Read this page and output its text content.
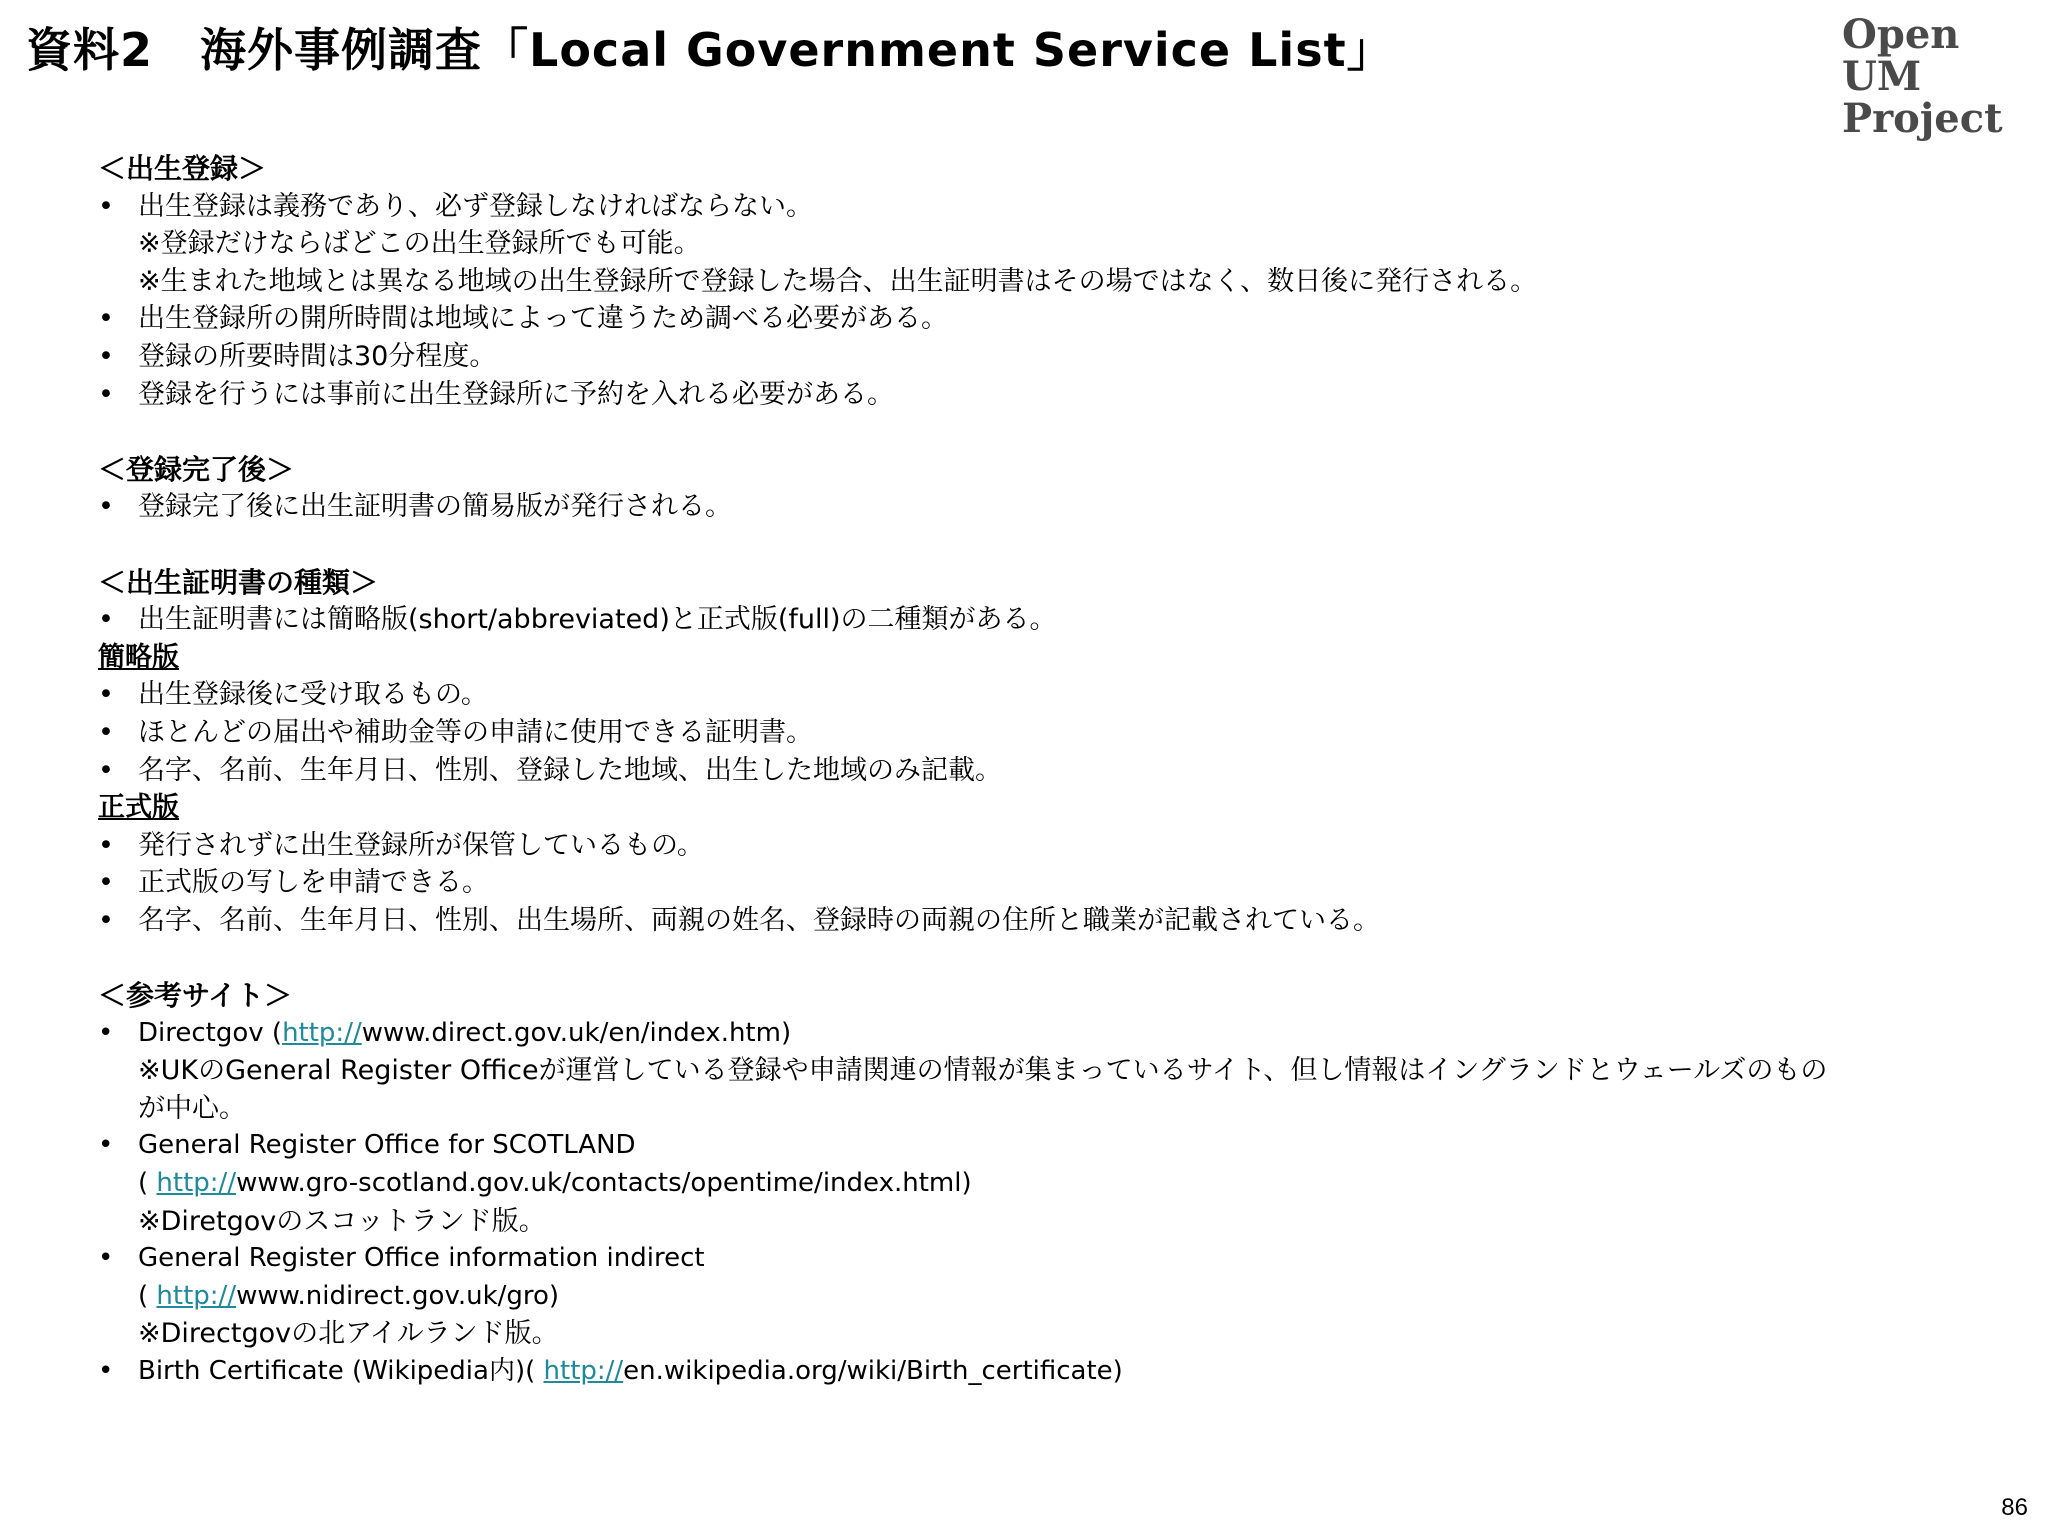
資料2　海外事例調査「Local Government Service List」	Open UM
Project
＜出生登録＞
• 出生登録は義務であり、必ず登録しなければならない。
※登録だけならばどこの出生登録所でも可能。
※生まれた地域とは異なる地域の出生登録所で登録した場合、出生証明書はその場ではなく、数日後に発行される。
• 出生登録所の開所時間は地域によって違うため調べる必要がある。
• 登録の所要時間は30分程度。
• 登録を行うには事前に出生登録所に予約を入れる必要がある。
＜登録完了後＞
• 登録完了後に出生証明書の簡易版が発行される。
＜出生証明書の種類＞
• 出生証明書には簡略版(short/abbreviated)と正式版(full)の二種類がある。
簡略版
• 出生登録後に受け取るもの。
• ほとんどの届出や補助金等の申請に使用できる証明書。
• 名字、名前、生年月日、性別、登録した地域、出生した地域のみ記載。
正式版
• 発行されずに出生登録所が保管しているもの。
• 正式版の写しを申請できる。
• 名字、名前、生年月日、性別、出生場所、両親の姓名、登録時の両親の住所と職業が記載されている。
＜参考サイト＞
• Directgov (http://www.direct.gov.uk/en/index.htm)
※UKのGeneral Register Officeが運営している登録や申請関連の情報が集まっているサイト、但し情報はイングランドとウェールズのもの
が中心。
• General Register Office for SCOTLAND
( http://www.gro-scotland.gov.uk/contacts/opentime/index.html)
※Diretgovのスコットランド版。
• General Register Office information indirect
( http://www.nidirect.gov.uk/gro)
※Directgovの北アイルランド版。
• Birth Certificate (Wikipedia内)( http://en.wikipedia.org/wiki/Birth_certificate)
86
